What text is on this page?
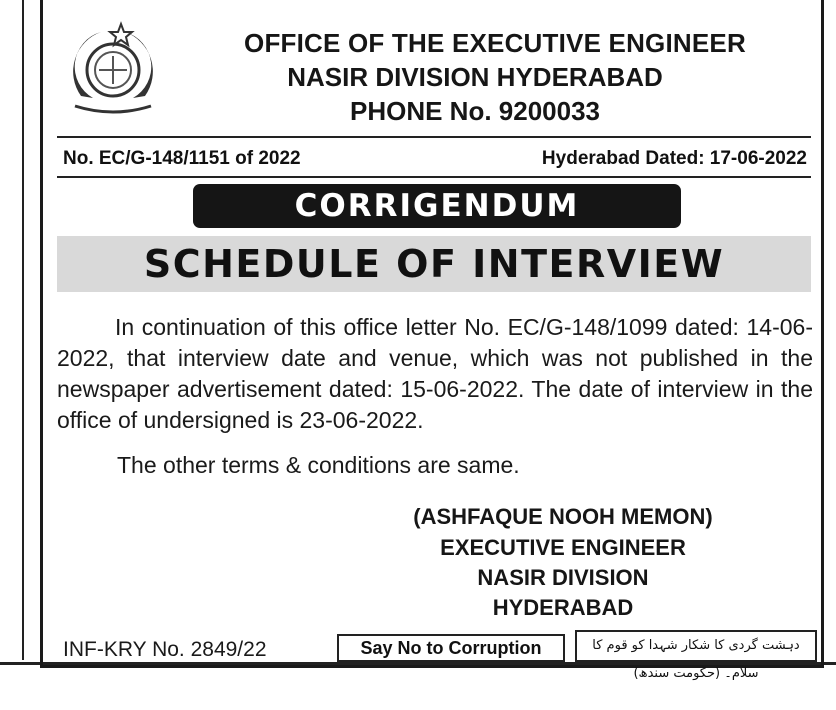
OFFICE OF THE EXECUTIVE ENGINEER
NASIR DIVISION HYDERABAD
PHONE No. 9200033
No. EC/G-148/1151 of 2022	Hyderabad Dated: 17-06-2022
CORRIGENDUM
SCHEDULE OF INTERVIEW
In continuation of this office letter No. EC/G-148/1099 dated: 14-06-2022, that interview date and venue, which was not published in the newspaper advertisement dated: 15-06-2022. The date of interview in the office of undersigned is 23-06-2022.
The other terms & conditions are same.
(ASHFAQUE NOOH MEMON)
EXECUTIVE ENGINEER
NASIR DIVISION
HYDERABAD
INF-KRY No. 2849/22	Say No to Corruption	دہشت گردی کا شکار شہدا کو قوم کا سلام۔ (حکومت سندھ)
